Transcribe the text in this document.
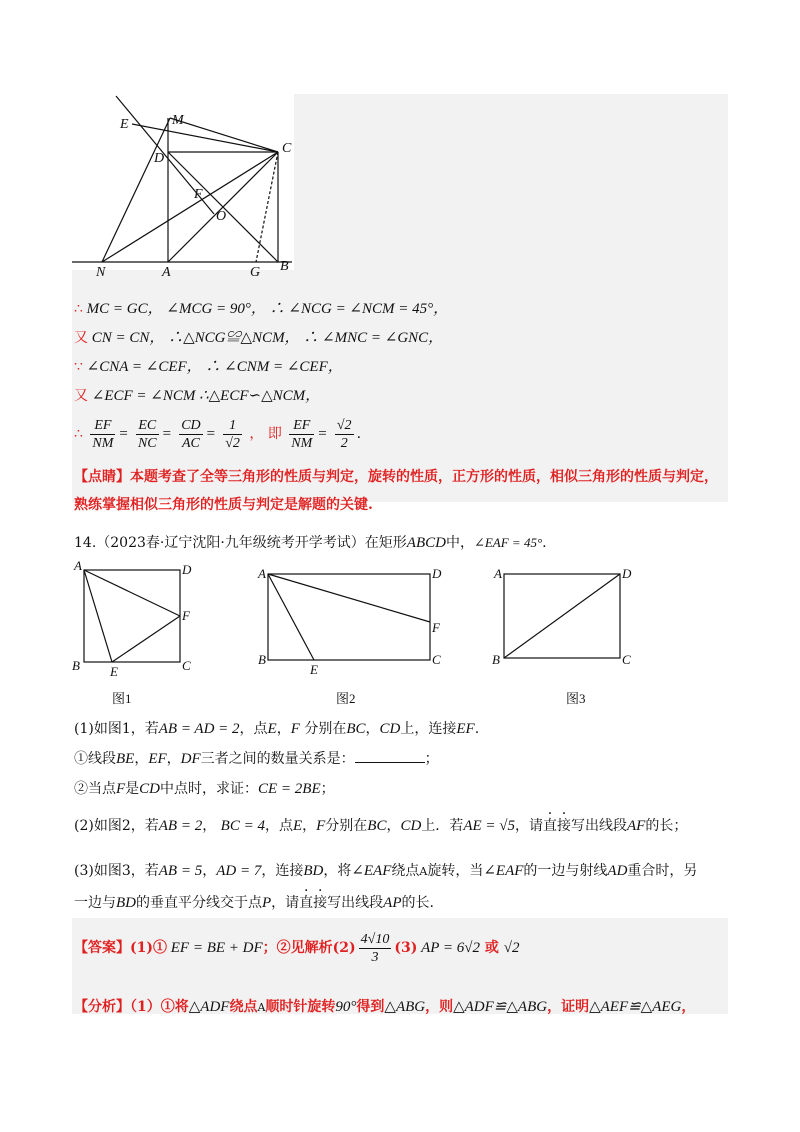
E	M
D
C
F
O
N	A	G B
∴ MC = GC， ∠MCG = 90°， ∴ ∠NCG = ∠NCM = 45°，
又 CN = CN， ∴△NCG≌△NCM， ∴ ∠MNC = ∠GNC，
∵ ∠CNA = ∠CEF， ∴ ∠CNM = ∠CEF，
又 ∠ECF = ∠NCM ∴△ECF∽△NCM，
∴ $\frac{EF}{NM} = \frac{EC}{NC} = \frac{CD}{AC} = \frac{1}{√2}$ ， 即 $\frac{EF}{NM} = \frac{√2}{2}$ .
【点睛】本题考查了全等三角形的性质与判定，旋转的性质，正方形的性质，相似三角形的性质与判定，
熟练掌握相似三角形的性质与判定是解题的关键.
14.（2023春·辽宁沈阳·九年级统考开学考试）在矩形ABCD中，∠EAF = 45°.
A	D
F
B E	C
图1
A	D
F
B
E
C
图2
A	D
B	C
图3
(1)如图1，若AB = AD = 2，点E，F 分别在BC，CD上，连接EF.
①线段BE，EF，DF三者之间的数量关系是：	；
②当点F是CD中点时，求证：CE = 2BE；
(2)如图2，若AB = 2， BC = 4，点E，F分别在BC，CD上．若AE = √5，请直接写出线段AF的长；
(3)如图3，若AB = 5，AD = 7，连接BD，将∠EAF绕点A旋转，当∠EAF的一边与射线AD重合时，另
一边与BD的垂直平分线交于点P，请直接写出线段AP的长.
【答案】(1)① EF = BE + DF；②见解析$(2) \frac{4√10}{3} (3)$ AP = 6√2 或 √2
【分析】（1）①将△ADF绕点A顺时针旋转90°得到△ABG，则△ADF≌△ABG，证明△AEF≌△AEG，
